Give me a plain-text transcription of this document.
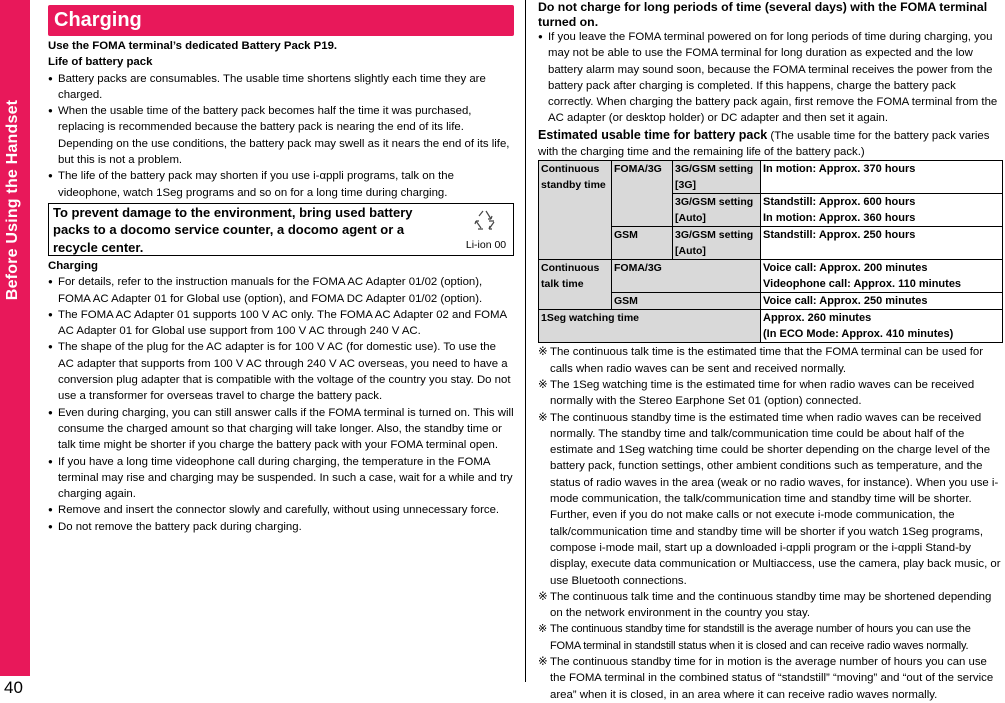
Before Using the Handset
40
Charging

Use the FOMA terminal’s dedicated Battery Pack P19.

Life of battery pack

● Battery packs are consumables. The usable time shortens slightly each time they are charged.

● When the usable time of the battery pack becomes half the time it was purchased, replacing is recommended because the battery pack is nearing the end of its life. Depending on the use conditions, the battery pack may swell as it nears the end of its life, but this is not a problem.

● The life of the battery pack may shorten if you use i-αppli programs, talk on the videophone, watch 1Seg programs and so on for a long time during charging.

To prevent damage to the environment, bring used battery packs to a docomo service counter, a docomo agent or a recycle center.	Li-ion 00

Charging

● For details, refer to the instruction manuals for the FOMA AC Adapter 01/02 (option), FOMA AC Adapter 01 for Global use (option), and FOMA DC Adapter 01/02 (option).

● The FOMA AC Adapter 01 supports 100 V AC only. The FOMA AC Adapter 02 and FOMA AC Adapter 01 for Global use support from 100 V AC through 240 V AC.

● The shape of the plug for the AC adapter is for 100 V AC (for domestic use). To use the AC adapter that supports from 100 V AC through 240 V AC overseas, you need to have a conversion plug adapter that is compatible with the voltage of the country you stay. Do not use a transformer for overseas travel to charge the battery pack.

● Even during charging, you can still answer calls if the FOMA terminal is turned on. This will consume the charged amount so that charging will take longer. Also, the standby time or talk time might be shorter if you charge the battery pack with your FOMA terminal open.

● If you have a long time videophone call during charging, the temperature in the FOMA terminal may rise and charging may be suspended. In such a case, wait for a while and try charging again.

● Remove and insert the connector slowly and carefully, without using unnecessary force.

● Do not remove the battery pack during charging.

Do not charge for long periods of time (several days) with the FOMA terminal turned on.

● If you leave the FOMA terminal powered on for long periods of time during charging, you may not be able to use the FOMA terminal for long duration as expected and the low battery alarm may sound soon, because the FOMA terminal receives the power from the battery pack after charging is completed. If this happens, charge the battery pack correctly. When charging the battery pack again, first remove the FOMA terminal from the AC adapter (or desktop holder) or DC adapter and then set it again.

Estimated usable time for battery pack (The usable time for the battery pack varies with the charging time and the remaining life of the battery pack.)

Continuous standby time	FOMA/3G	3G/GSM setting [3G]	In motion: Approx. 370 hours
		3G/GSM setting [Auto]	Standstill: Approx. 600 hours
In motion: Approx. 360 hours

	GSM	3G/GSM setting [Auto]	Standstill: Approx. 250 hours
Continuous talk time	FOMA/3G		Voice call: Approx. 200 minutes
Videophone call: Approx. 110 minutes

	GSM		Voice call: Approx. 250 minutes
1Seg watching time			Approx. 260 minutes
(In ECO Mode: Approx. 410 minutes)

※ The continuous talk time is the estimated time that the FOMA terminal can be used for calls when radio waves can be sent and received normally.

※ The 1Seg watching time is the estimated time for when radio waves can be received normally with the Stereo Earphone Set 01 (option) connected.

※ The continuous standby time is the estimated time when radio waves can be received normally. The standby time and talk/communication time could be about half of the estimate and 1Seg watching time could be shorter depending on the charge level of the battery pack, function settings, other ambient conditions such as temperature, and the status of radio waves in the area (weak or no radio waves, for instance). When you use i-mode communication, the talk/communication time and standby time will be shorter. Further, even if you do not make calls or not execute i-mode communication, the talk/communication time and standby time will be shorter if you watch 1Seg programs, compose i-mode mail, start up a downloaded i-αppli program or the i-αppli Stand-by display, execute data communication or Multiaccess, use the camera, play back music, or use Bluetooth connections.

※ The continuous talk time and the continuous standby time may be shortened depending on the network environment in the country you stay.

※ The continuous standby time for standstill is the average number of hours you can use the FOMA terminal in standstill status when it is closed and can receive radio waves normally.

※ The continuous standby time for in motion is the average number of hours you can use the FOMA terminal in the combined status of “standstill” “moving” and “out of the service area” when it is closed, in an area where it can receive radio waves normally.
